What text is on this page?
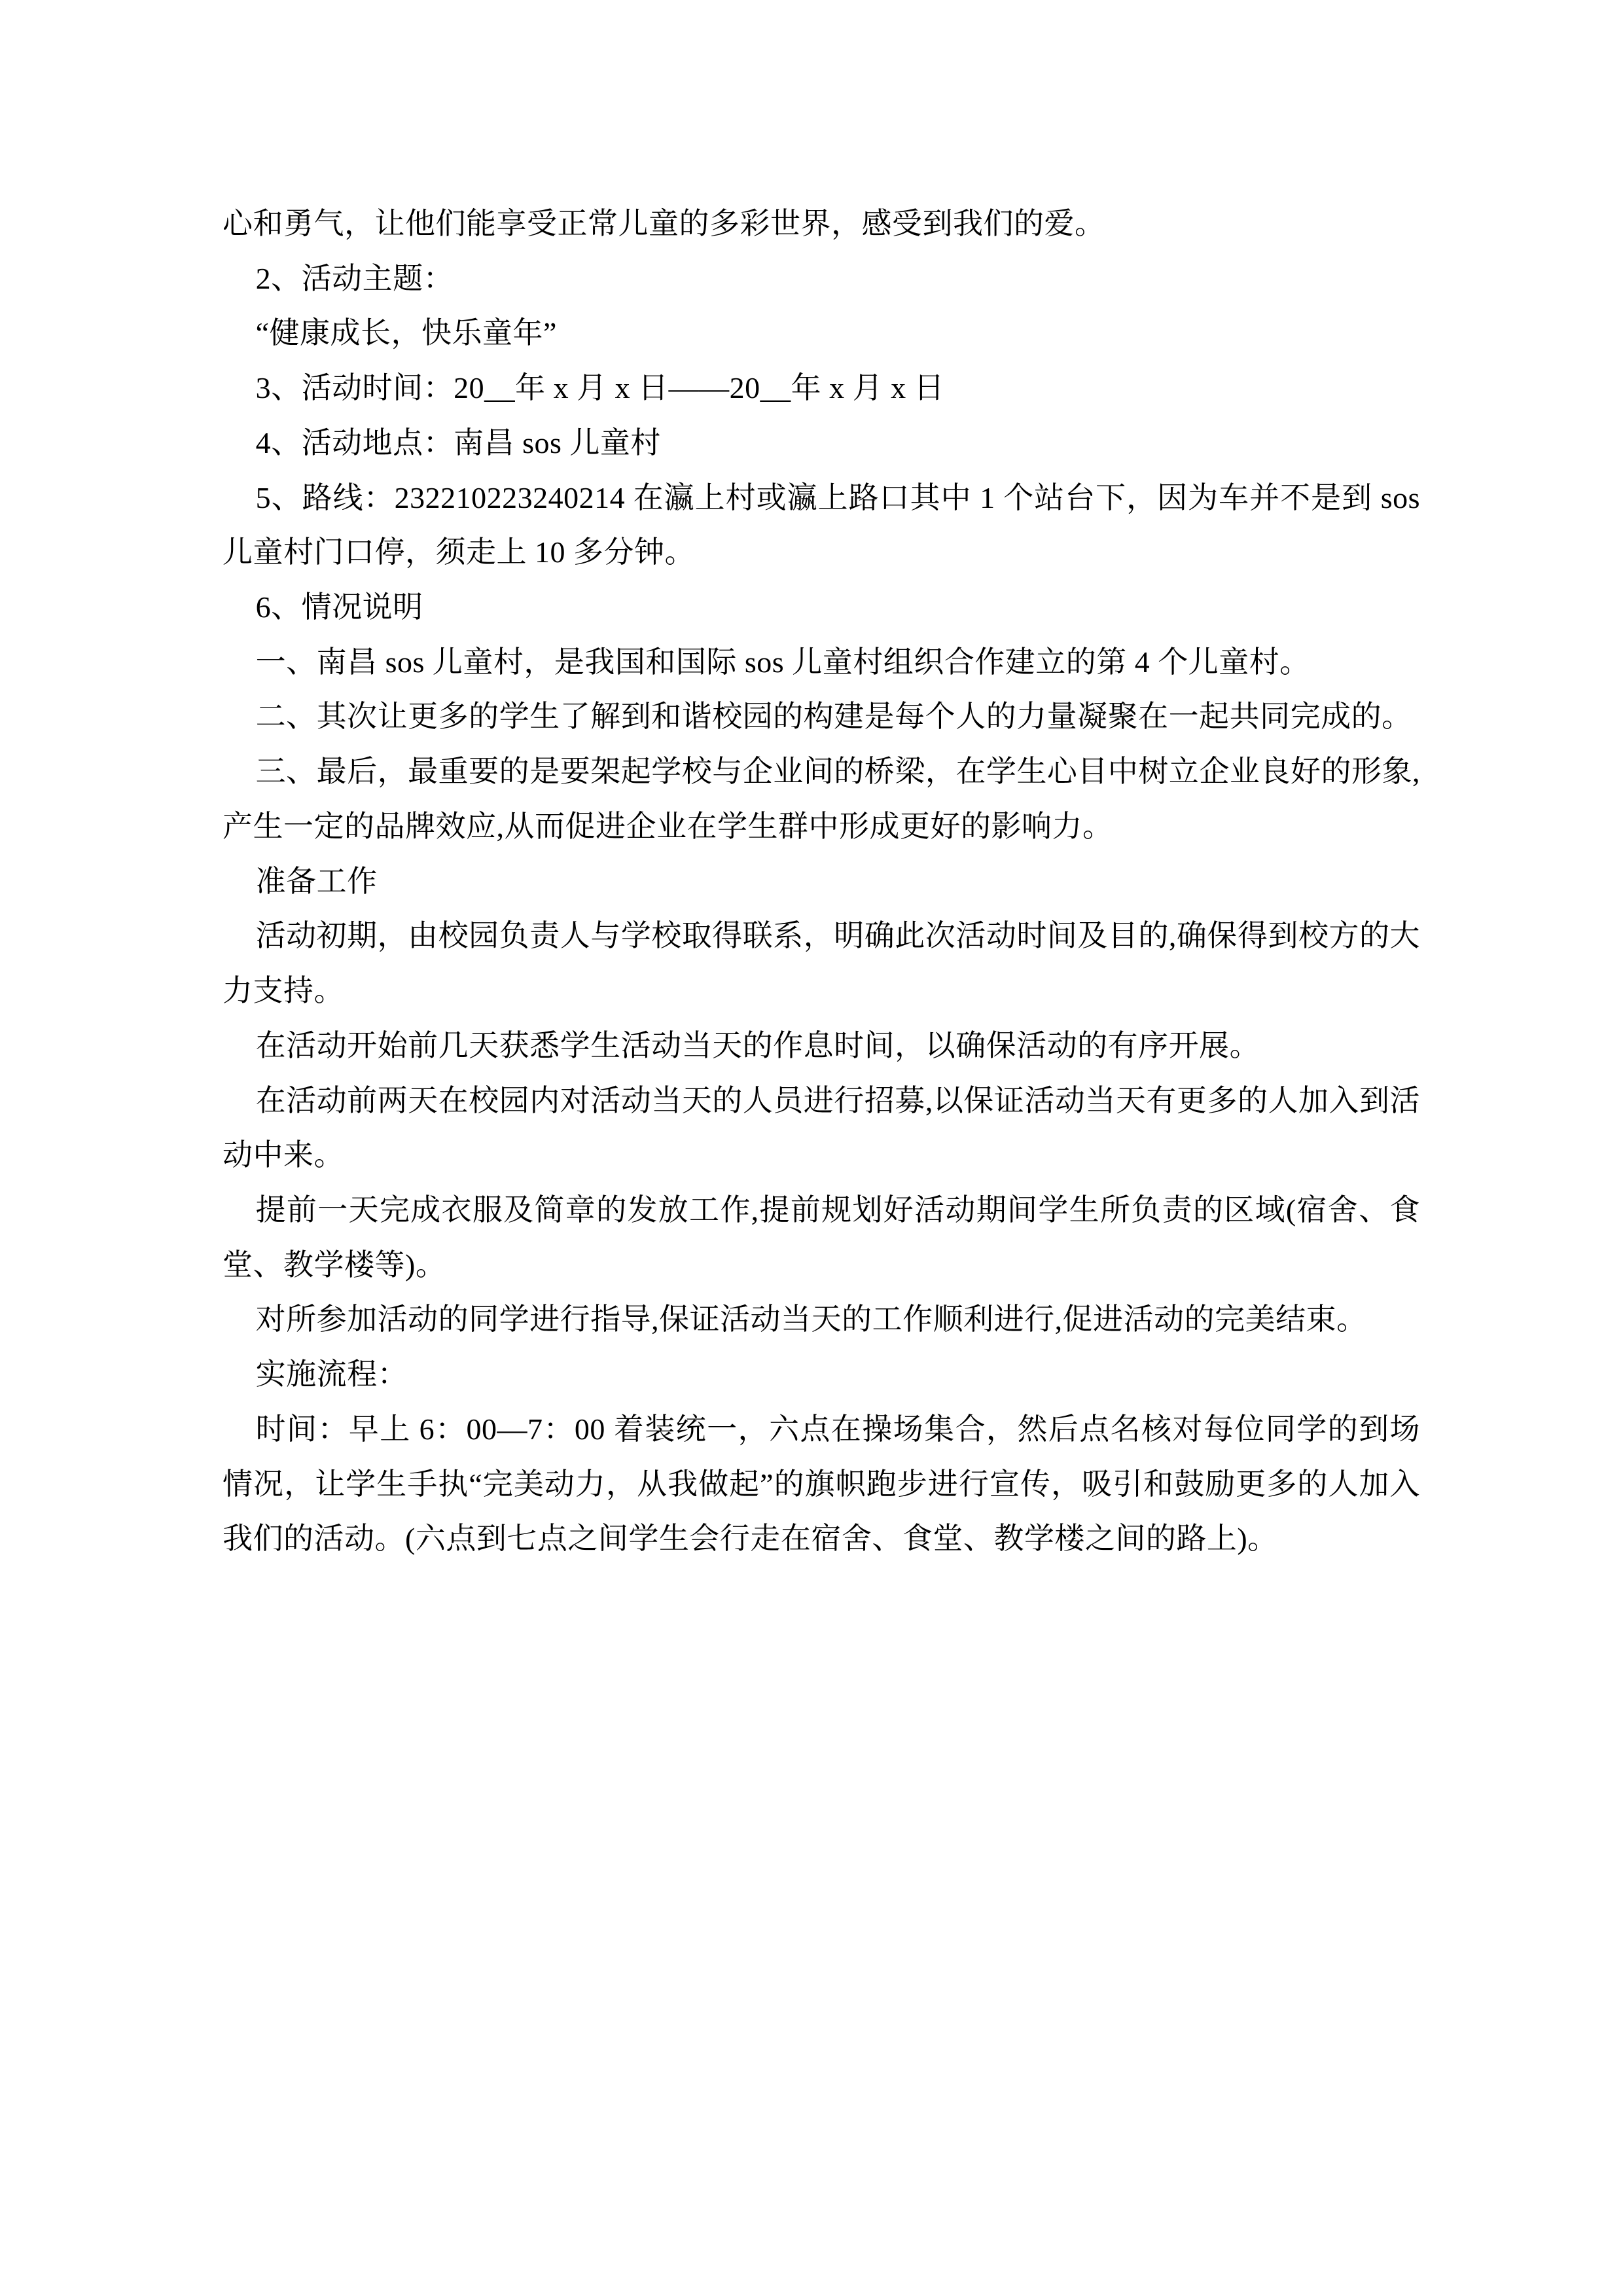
心和勇气，让他们能享受正常儿童的多彩世界，感受到我们的爱。

2、活动主题：

“健康成长，快乐童年”

3、活动时间：20__年 x 月 x 日——20__年 x 月 x 日

4、活动地点：南昌 sos 儿童村

5、路线：232210223240214 在瀛上村或瀛上路口其中 1 个站台下，因为车并不是到 sos 儿童村门口停，须走上 10 多分钟。

6、情况说明

一、南昌 sos 儿童村，是我国和国际 sos 儿童村组织合作建立的第 4 个儿童村。

二、其次让更多的学生了解到和谐校园的构建是每个人的力量凝聚在一起共同完成的。

三、最后，最重要的是要架起学校与企业间的桥梁，在学生心目中树立企业良好的形象,产生一定的品牌效应,从而促进企业在学生群中形成更好的影响力。

准备工作

活动初期，由校园负责人与学校取得联系，明确此次活动时间及目的,确保得到校方的大力支持。

在活动开始前几天获悉学生活动当天的作息时间，以确保活动的有序开展。

在活动前两天在校园内对活动当天的人员进行招募,以保证活动当天有更多的人加入到活动中来。

提前一天完成衣服及简章的发放工作,提前规划好活动期间学生所负责的区域(宿舍、食堂、教学楼等)。

对所参加活动的同学进行指导,保证活动当天的工作顺利进行,促进活动的完美结束。

实施流程：

时间：早上 6：00—7：00 着装统一，六点在操场集合，然后点名核对每位同学的到场情况，让学生手执“完美动力，从我做起”的旗帜跑步进行宣传，吸引和鼓励更多的人加入我们的活动。(六点到七点之间学生会行走在宿舍、食堂、教学楼之间的路上)。
